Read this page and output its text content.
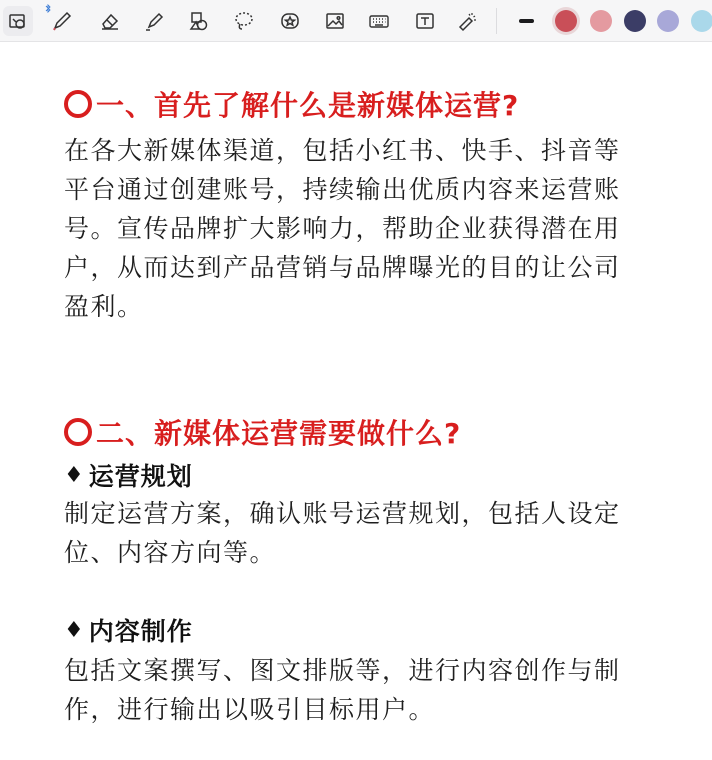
一、首先了解什么是新媒体运营?
在各大新媒体渠道，包括小红书、快手、抖音等
平台通过创建账号，持续输出优质内容来运营账
号。宣传品牌扩大影响力，帮助企业获得潜在用
户，从而达到产品营销与品牌曝光的目的让公司
盈利。
二、新媒体运营需要做什么?
♦ 运营规划
制定运营方案，确认账号运营规划，包括人设定
位、内容方向等。
♦ 内容制作
包括文案撰写、图文排版等，进行内容创作与制
作，进行输出以吸引目标用户。
